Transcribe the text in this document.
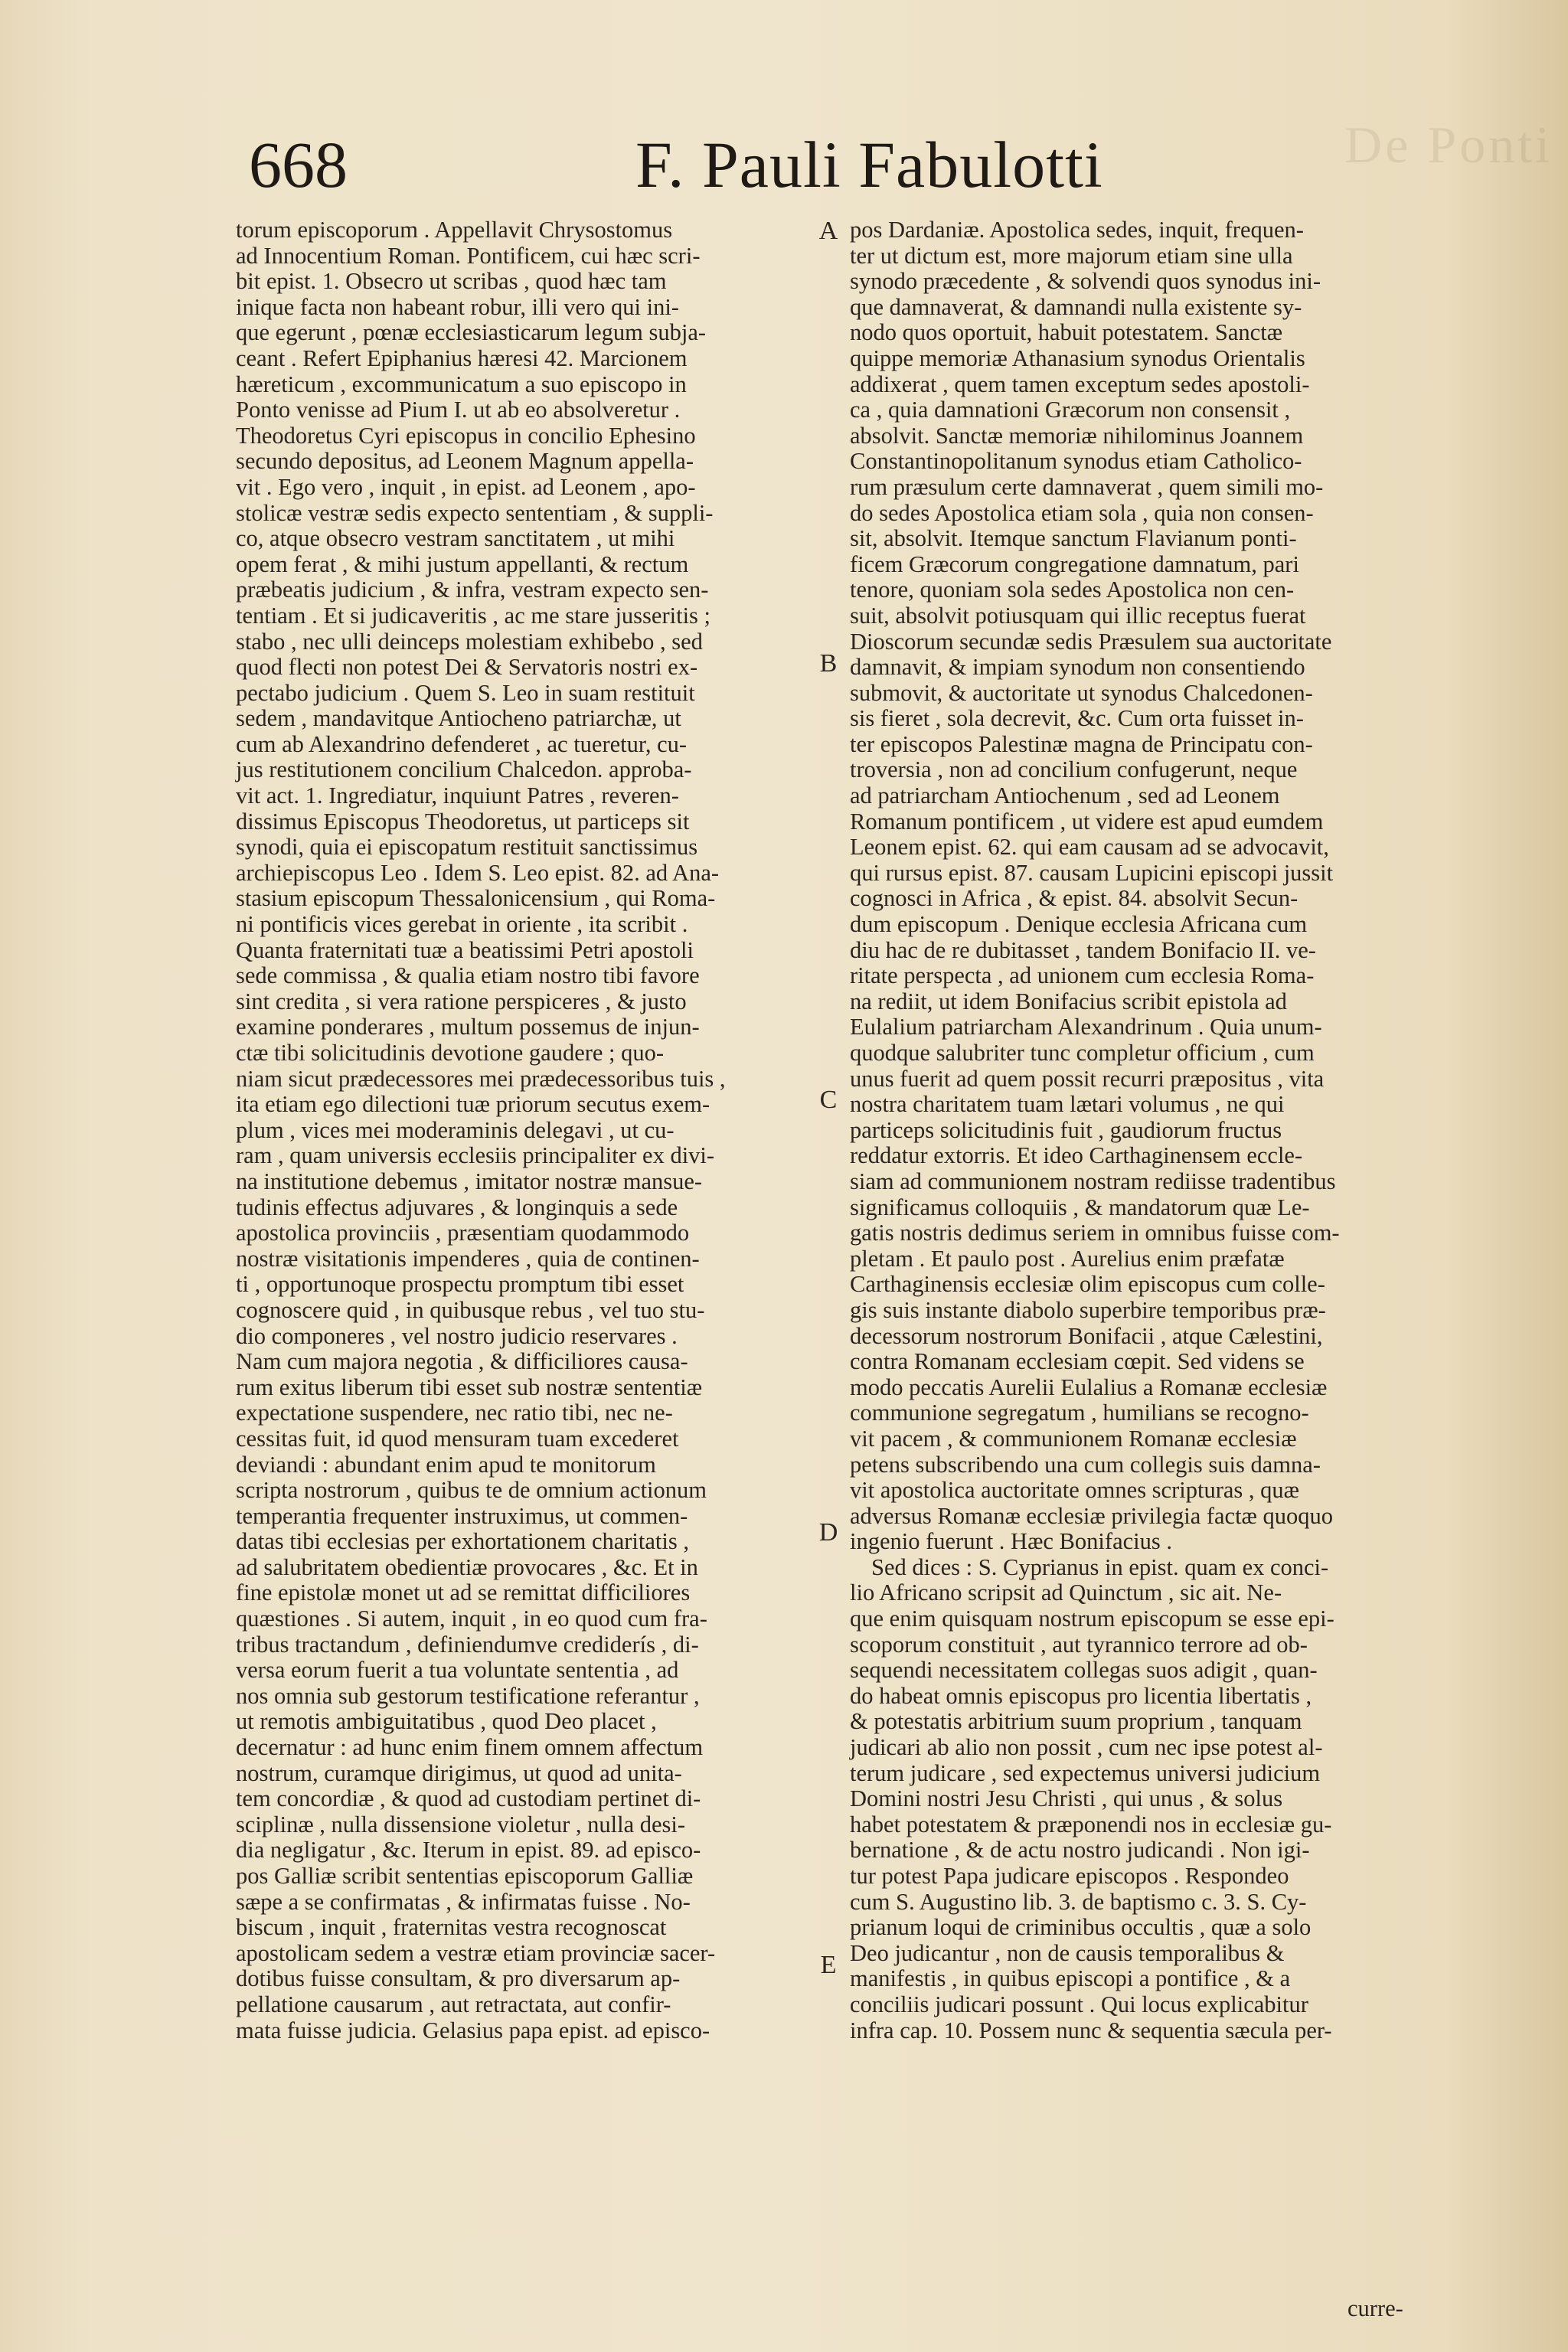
De Ponti
668	F. Pauli Fabulotti
torum episcoporum . Appellavit Chrysostomus
ad Innocentium Roman. Pontificem, cui hæc scri-
bit epist. 1. Obsecro ut scribas , quod hæc tam
inique facta non habeant robur, illi vero qui ini-
que egerunt , pœnæ ecclesiasticarum legum subja-
ceant . Refert Epiphanius hæresi 42. Marcionem
hæreticum , excommunicatum a suo episcopo in
Ponto venisse ad Pium I. ut ab eo absolveretur .
Theodoretus Cyri episcopus in concilio Ephesino
secundo depositus, ad Leonem Magnum appella-
vit . Ego vero , inquit , in epist. ad Leonem , apo-
stolicæ vestræ sedis expecto sententiam , & suppli-
co, atque obsecro vestram sanctitatem , ut mihi
opem ferat , & mihi justum appellanti, & rectum
præbeatis judicium , & infra, vestram expecto sen-
tentiam . Et si judicaveritis , ac me stare jusseritis ;
stabo , nec ulli deinceps molestiam exhibebo , sed
quod flecti non potest Dei & Servatoris nostri ex-
pectabo judicium . Quem S. Leo in suam restituit
sedem , mandavitque Antiocheno patriarchæ, ut
cum ab Alexandrino defenderet , ac tueretur, cu-
jus restitutionem concilium Chalcedon. approba-
vit act. 1. Ingrediatur, inquiunt Patres , reveren-
dissimus Episcopus Theodoretus, ut particeps sit
synodi, quia ei episcopatum restituit sanctissimus
archiepiscopus Leo . Idem S. Leo epist. 82. ad Ana-
stasium episcopum Thessalonicensium , qui Roma-
ni pontificis vices gerebat in oriente , ita scribit .
Quanta fraternitati tuæ a beatissimi Petri apostoli
sede commissa , & qualia etiam nostro tibi favore
sint credita , si vera ratione perspiceres , & justo
examine ponderares , multum possemus de injun-
ctæ tibi solicitudinis devotione gaudere ; quo-
niam sicut prædecessores mei prædecessoribus tuis ,
ita etiam ego dilectioni tuæ priorum secutus exem-
plum , vices mei moderaminis delegavi , ut cu-
ram , quam universis ecclesiis principaliter ex divi-
na institutione debemus , imitator nostræ mansue-
tudinis effectus adjuvares , & longinquis a sede
apostolica provinciis , præsentiam quodammodo
nostræ visitationis impenderes , quia de continen-
ti , opportunoque prospectu promptum tibi esset
cognoscere quid , in quibusque rebus , vel tuo stu-
dio componeres , vel nostro judicio reservares .
Nam cum majora negotia , & difficiliores causa-
rum exitus liberum tibi esset sub nostræ sententiæ
expectatione suspendere, nec ratio tibi, nec ne-
cessitas fuit, id quod mensuram tuam excederet
deviandi : abundant enim apud te monitorum
scripta nostrorum , quibus te de omnium actionum
temperantia frequenter instruximus, ut commen-
datas tibi ecclesias per exhortationem charitatis ,
ad salubritatem obedientiæ provocares , &c. Et in
fine epistolæ monet ut ad se remittat difficiliores
quæstiones . Si autem, inquit , in eo quod cum fra-
tribus tractandum , definiendumve crediderís , di-
versa eorum fuerit a tua voluntate sententia , ad
nos omnia sub gestorum testificatione referantur ,
ut remotis ambiguitatibus , quod Deo placet ,
decernatur : ad hunc enim finem omnem affectum
nostrum, curamque dirigimus, ut quod ad unita-
tem concordiæ , & quod ad custodiam pertinet di-
sciplinæ , nulla dissensione violetur , nulla desi-
dia negligatur , &c. Iterum in epist. 89. ad episco-
pos Galliæ scribit sententias episcoporum Galliæ
sæpe a se confirmatas , & infirmatas fuisse . No-
biscum , inquit , fraternitas vestra recognoscat
apostolicam sedem a vestræ etiam provinciæ sacer-
dotibus fuisse consultam, & pro diversarum ap-
pellatione causarum , aut retractata, aut confir-
mata fuisse judicia. Gelasius papa epist. ad episco-
A
B
C
D
E
pos Dardaniæ. Apostolica sedes, inquit, frequen-
ter ut dictum est, more majorum etiam sine ulla
synodo præcedente , & solvendi quos synodus ini-
que damnaverat, & damnandi nulla existente sy-
nodo quos oportuit, habuit potestatem. Sanctæ
quippe memoriæ Athanasium synodus Orientalis
addixerat , quem tamen exceptum sedes apostoli-
ca , quia damnationi Græcorum non consensit ,
absolvit. Sanctæ memoriæ nihilominus Joannem
Constantinopolitanum synodus etiam Catholico-
rum præsulum certe damnaverat , quem simili mo-
do sedes Apostolica etiam sola , quia non consen-
sit, absolvit. Itemque sanctum Flavianum ponti-
ficem Græcorum congregatione damnatum, pari
tenore, quoniam sola sedes Apostolica non cen-
suit, absolvit potiusquam qui illic receptus fuerat
Dioscorum secundæ sedis Præsulem sua auctoritate
damnavit, & impiam synodum non consentiendo
submovit, & auctoritate ut synodus Chalcedonen-
sis fieret , sola decrevit, &c. Cum orta fuisset in-
ter episcopos Palestinæ magna de Principatu con-
troversia , non ad concilium confugerunt, neque
ad patriarcham Antiochenum , sed ad Leonem
Romanum pontificem , ut videre est apud eumdem
Leonem epist. 62. qui eam causam ad se advocavit,
qui rursus epist. 87. causam Lupicini episcopi jussit
cognosci in Africa , & epist. 84. absolvit Secun-
dum episcopum . Denique ecclesia Africana cum
diu hac de re dubitasset , tandem Bonifacio II. ve-
ritate perspecta , ad unionem cum ecclesia Roma-
na rediit, ut idem Bonifacius scribit epistola ad
Eulalium patriarcham Alexandrinum . Quia unum-
quodque salubriter tunc completur officium , cum
unus fuerit ad quem possit recurri præpositus , vita
nostra charitatem tuam lætari volumus , ne qui
particeps solicitudinis fuit , gaudiorum fructus
reddatur extorris. Et ideo Carthaginensem eccle-
siam ad communionem nostram rediisse tradentibus
significamus colloquiis , & mandatorum quæ Le-
gatis nostris dedimus seriem in omnibus fuisse com-
pletam . Et paulo post . Aurelius enim præfatæ
Carthaginensis ecclesiæ olim episcopus cum colle-
gis suis instante diabolo superbire temporibus præ-
decessorum nostrorum Bonifacii , atque Cælestini,
contra Romanam ecclesiam cœpit. Sed videns se
modo peccatis Aurelii Eulalius a Romanæ ecclesiæ
communione segregatum , humilians se recogno-
vit pacem , & communionem Romanæ ecclesiæ
petens subscribendo una cum collegis suis damna-
vit apostolica auctoritate omnes scripturas , quæ
adversus Romanæ ecclesiæ privilegia factæ quoquo
ingenio fuerunt . Hæc Bonifacius .
Sed dices : S. Cyprianus in epist. quam ex conci-
lio Africano scripsit ad Quinctum , sic ait. Ne-
que enim quisquam nostrum episcopum se esse epi-
scoporum constituit , aut tyrannico terrore ad ob-
sequendi necessitatem collegas suos adigit , quan-
do habeat omnis episcopus pro licentia libertatis ,
& potestatis arbitrium suum proprium , tanquam
judicari ab alio non possit , cum nec ipse potest al-
terum judicare , sed expectemus universi judicium
Domini nostri Jesu Christi , qui unus , & solus
habet potestatem & præponendi nos in ecclesiæ gu-
bernatione , & de actu nostro judicandi . Non igi-
tur potest Papa judicare episcopos . Respondeo
cum S. Augustino lib. 3. de baptismo c. 3. S. Cy-
prianum loqui de criminibus occultis , quæ a solo
Deo judicantur , non de causis temporalibus &
manifestis , in quibus episcopi a pontifice , & a
conciliis judicari possunt . Qui locus explicabitur
infra cap. 10. Possem nunc & sequentia sæcula per-
curre-
